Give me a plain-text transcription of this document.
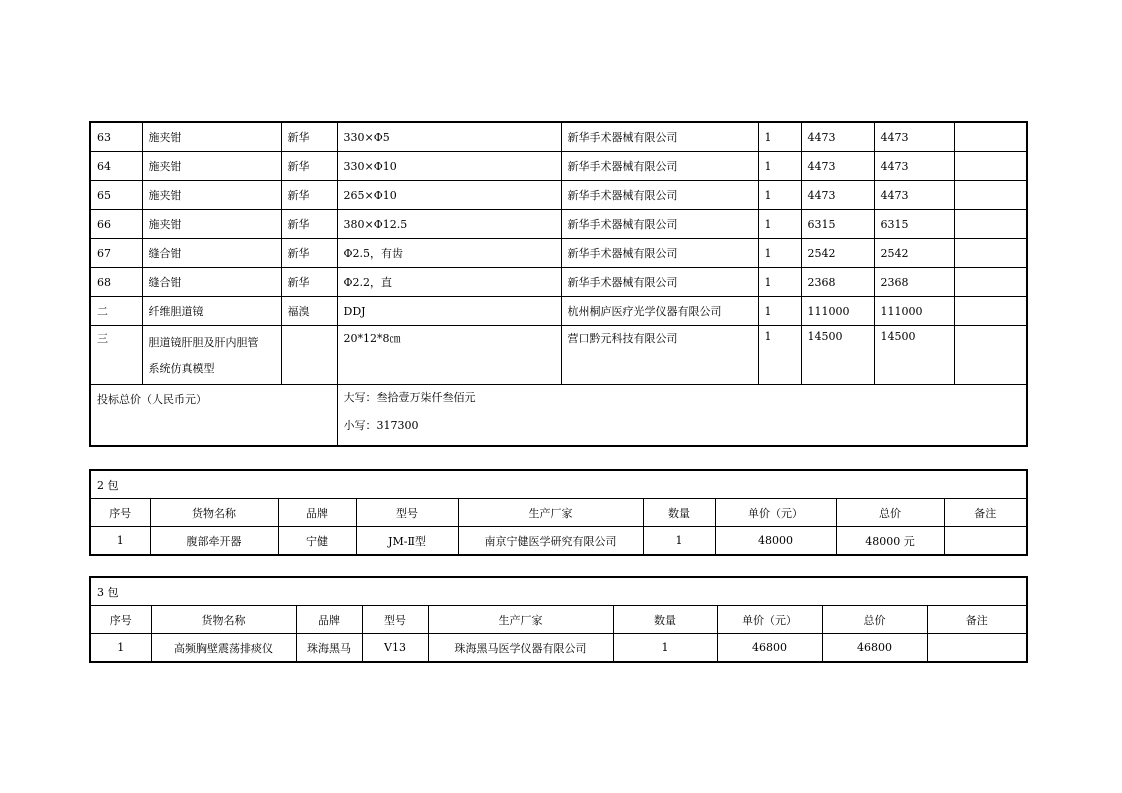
63	施夹钳	新华	330×Φ5	新华手术器械有限公司	1	4473	4473	
64	施夹钳	新华	330×Φ10	新华手术器械有限公司	1	4473	4473	
65	施夹钳	新华	265×Φ10	新华手术器械有限公司	1	4473	4473	
66	施夹钳	新华	380×Φ12.5	新华手术器械有限公司	1	6315	6315	
67	缝合钳	新华	Φ2.5，有齿	新华手术器械有限公司	1	2542	2542	
68	缝合钳	新华	Φ2.2，直	新华手术器械有限公司	1	2368	2368	
二	纤维胆道镜	福溴	DDJ	杭州桐庐医疗光学仪器有限公司	1	111000	111000	
三	胆道镜肝胆及肝内胆管
系统仿真模型		20*12*8㎝	营口黔元科技有限公司	1	14500	14500	
投标总价（人民币元）			大写：叁拾壹万柒仟叁佰元
小写：317300					
2 包								
序号	货物名称	品牌	型号	生产厂家	数量	单价（元）	总价	备注
1	腹部牵开器	宁健	JM-Ⅱ型	南京宁健医学研究有限公司	1	48000	48000 元	
3 包								
序号	货物名称	品牌	型号	生产厂家	数量	单价（元）	总价	备注
1	高频胸壁震荡排痰仪	珠海黑马	V13	珠海黑马医学仪器有限公司	1	46800	46800	
